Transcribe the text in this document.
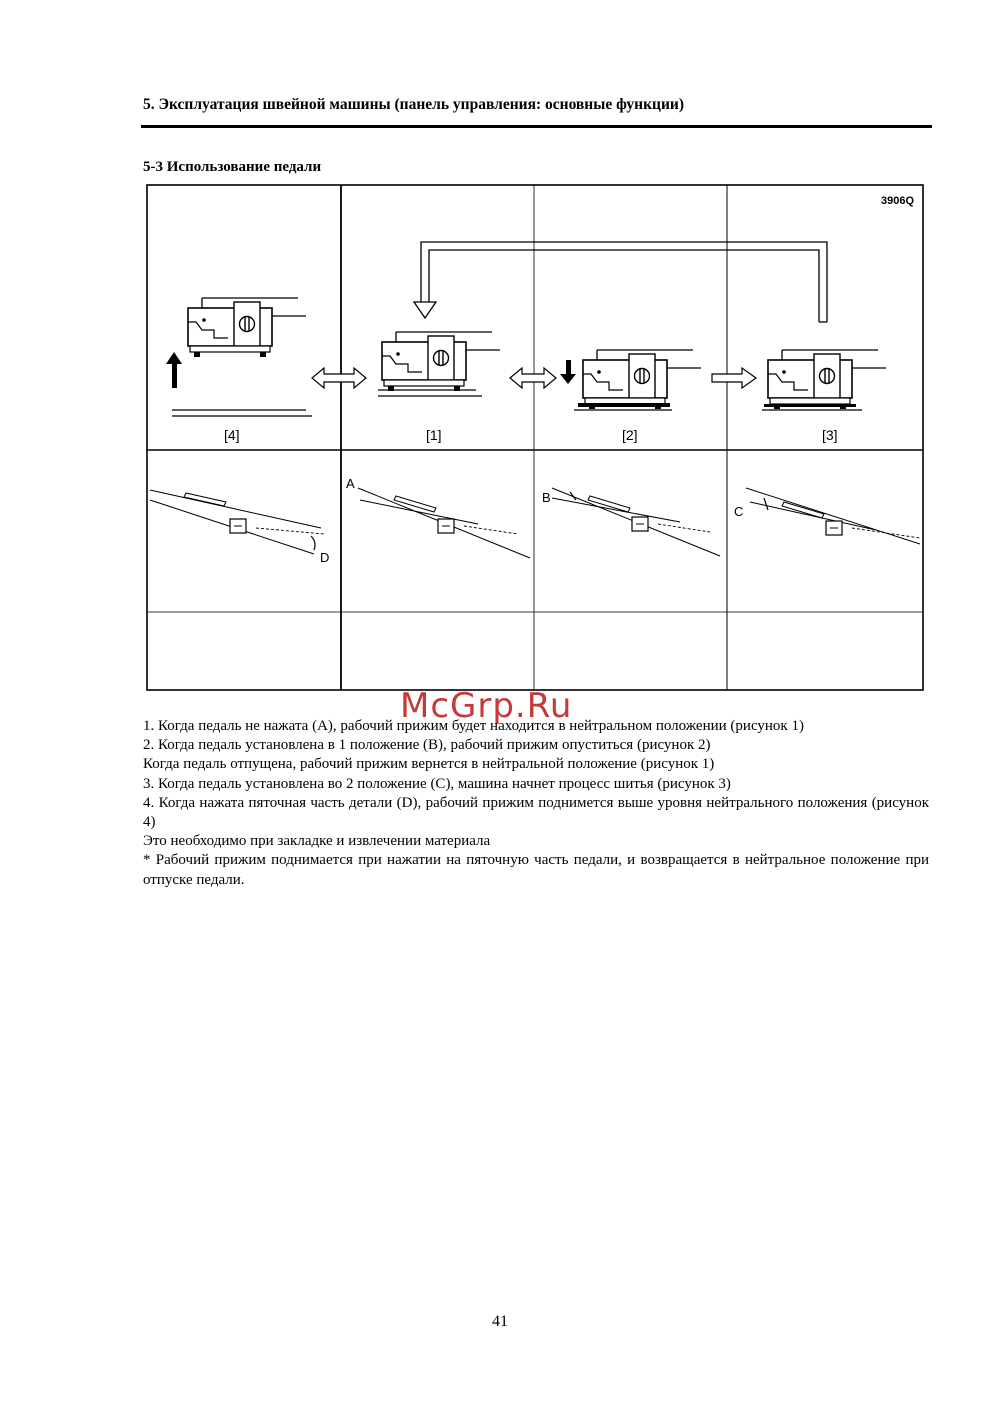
5. Эксплуатация швейной машины (панель управления: основные функции)
5-3 Использование педали
3906Q
[4]	[1]	[2]	[3]
D
A
B
C
McGrp.Ru

1. Когда педаль не нажата (A), рабочий прижим будет находится в нейтральном положении (рисунок 1)

2. Когда педаль установлена в 1 положение (B), рабочий прижим опуститься (рисунок 2)

Когда педаль отпущена, рабочий прижим вернется в нейтральной положение (рисунок 1)

3. Когда педаль установлена во 2 положение (C), машина начнет процесс шитья (рисунок 3)

4. Когда нажата пяточная часть детали (D), рабочий прижим поднимется выше уровня нейтрального положения (рисунок 4)

Это необходимо при закладке и извлечении материала

* Рабочий прижим поднимается при нажатии на пяточную часть педали, и возвращается в нейтральное положение при отпуске педали.

41
